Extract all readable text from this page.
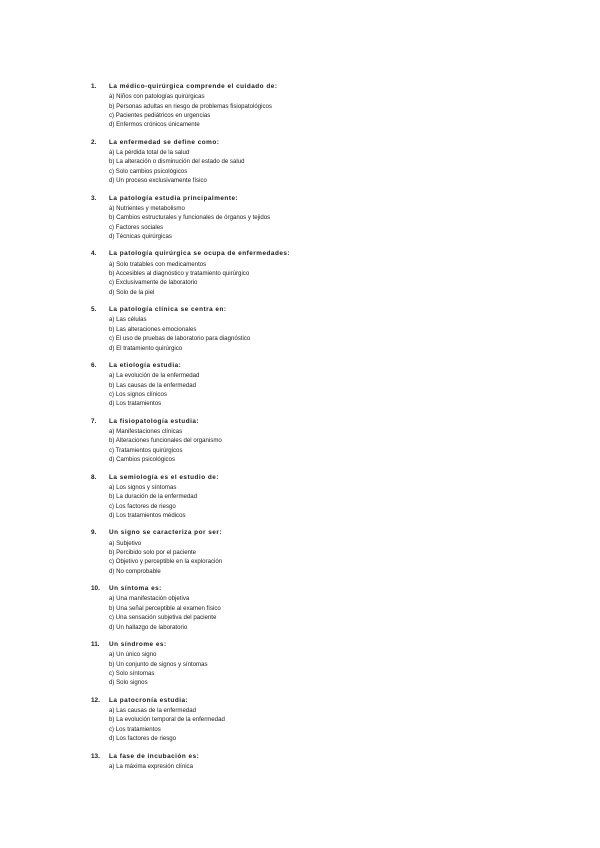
1. La médico-quirúrgica comprende el cuidado de:
a) Niños con patologías quirúrgicas
b) Personas adultas en riesgo de problemas fisiopatológicos
c) Pacientes pediátricos en urgencias
d) Enfermos crónicos únicamente
2. La enfermedad se define como:
a) La pérdida total de la salud
b) La alteración o disminución del estado de salud
c) Solo cambios psicológicos
d) Un proceso exclusivamente físico
3. La patología estudia principalmente:
a) Nutrientes y metabolismo
b) Cambios estructurales y funcionales de órganos y tejidos
c) Factores sociales
d) Técnicas quirúrgicas
4. La patología quirúrgica se ocupa de enfermedades:
a) Solo tratables con medicamentos
b) Accesibles al diagnóstico y tratamiento quirúrgico
c) Exclusivamente de laboratorio
d) Solo de la piel
5. La patología clínica se centra en:
a) Las células
b) Las alteraciones emocionales
c) El uso de pruebas de laboratorio para diagnóstico
d) El tratamiento quirúrgico
6. La etiología estudia:
a) La evolución de la enfermedad
b) Las causas de la enfermedad
c) Los signos clínicos
d) Los tratamientos
7. La fisiopatología estudia:
a) Manifestaciones clínicas
b) Alteraciones funcionales del organismo
c) Tratamientos quirúrgicos
d) Cambios psicológicos
8. La semiología es el estudio de:
a) Los signos y síntomas
b) La duración de la enfermedad
c) Los factores de riesgo
d) Los tratamientos médicos
9. Un signo se caracteriza por ser:
a) Subjetivo
b) Percibido solo por el paciente
c) Objetivo y perceptible en la exploración
d) No comprobable
10. Un síntoma es:
a) Una manifestación objetiva
b) Una señal perceptible al examen físico
c) Una sensación subjetiva del paciente
d) Un hallazgo de laboratorio
11. Un síndrome es:
a) Un único signo
b) Un conjunto de signos y síntomas
c) Solo síntomas
d) Solo signos
12. La patocronía estudia:
a) Las causas de la enfermedad
b) La evolución temporal de la enfermedad
c) Los tratamientos
d) Los factores de riesgo
13. La fase de incubación es:
a) La máxima expresión clínica
